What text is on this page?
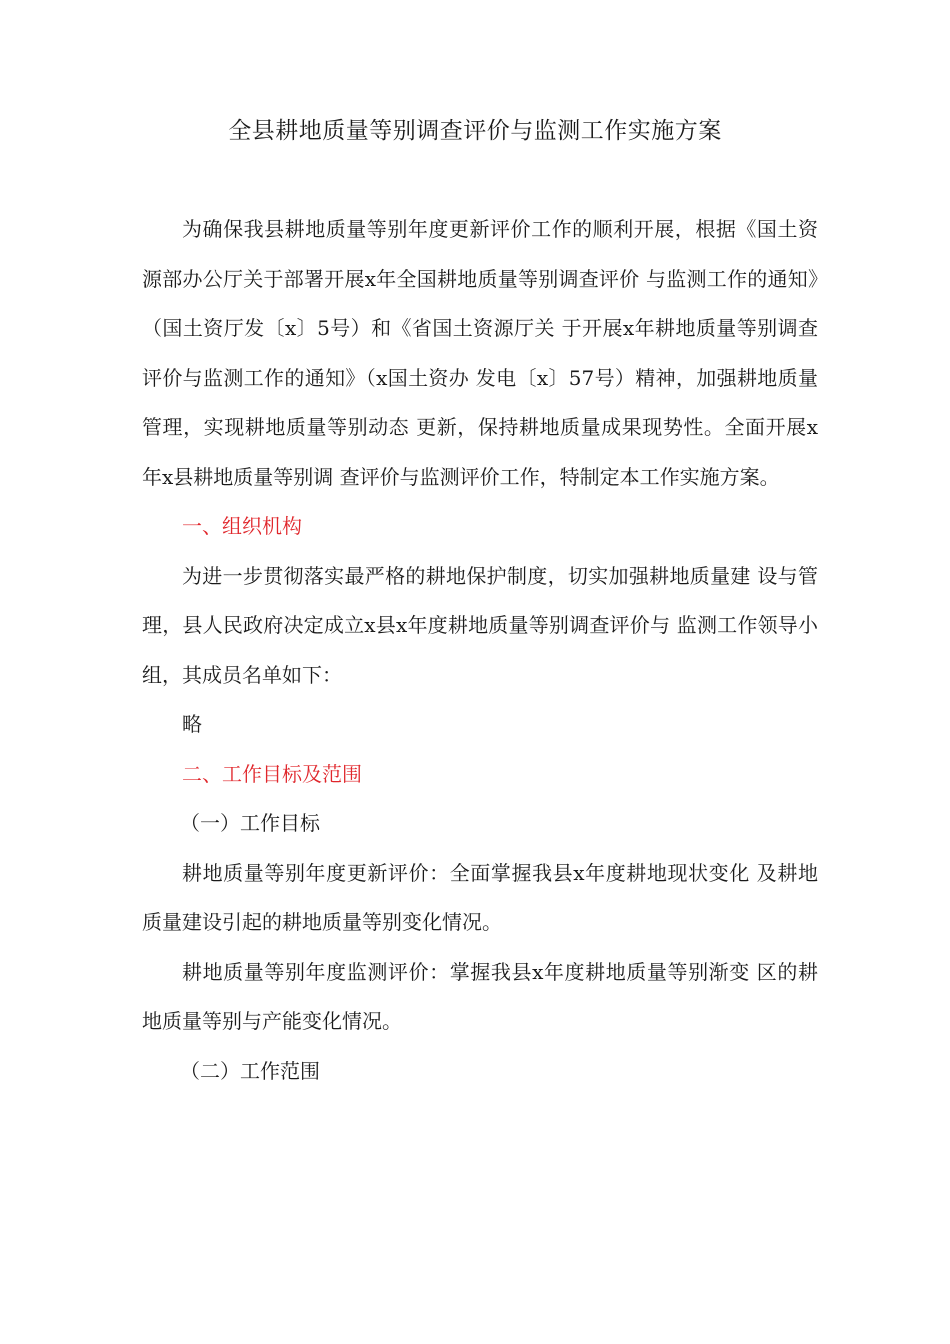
全县耕地质量等别调查评价与监测工作实施方案

为确保我县耕地质量等别年度更新评价工作的顺利开展，根据《国土资源部办公厅关于部署开展x年全国耕地质量等别调查评价 与监测工作的通知》（国土资厅发〔x〕5号）和《省国土资源厅关 于开展x年耕地质量等别调查评价与监测工作的通知》（x国土资办 发电〔x〕57号）精神，加强耕地质量管理，实现耕地质量等别动态 更新，保持耕地质量成果现势性。全面开展x年x县耕地质量等别调 查评价与监测评价工作，特制定本工作实施方案。

一、组织机构

为进一步贯彻落实最严格的耕地保护制度，切实加强耕地质量建 设与管理，县人民政府决定成立x县x年度耕地质量等别调查评价与 监测工作领导小组，其成员名单如下：

略

二、工作目标及范围

（一）工作目标

耕地质量等别年度更新评价：全面掌握我县x年度耕地现状变化 及耕地质量建设引起的耕地质量等别变化情况。

耕地质量等别年度监测评价：掌握我县x年度耕地质量等别渐变 区的耕地质量等别与产能变化情况。

（二）工作范围
